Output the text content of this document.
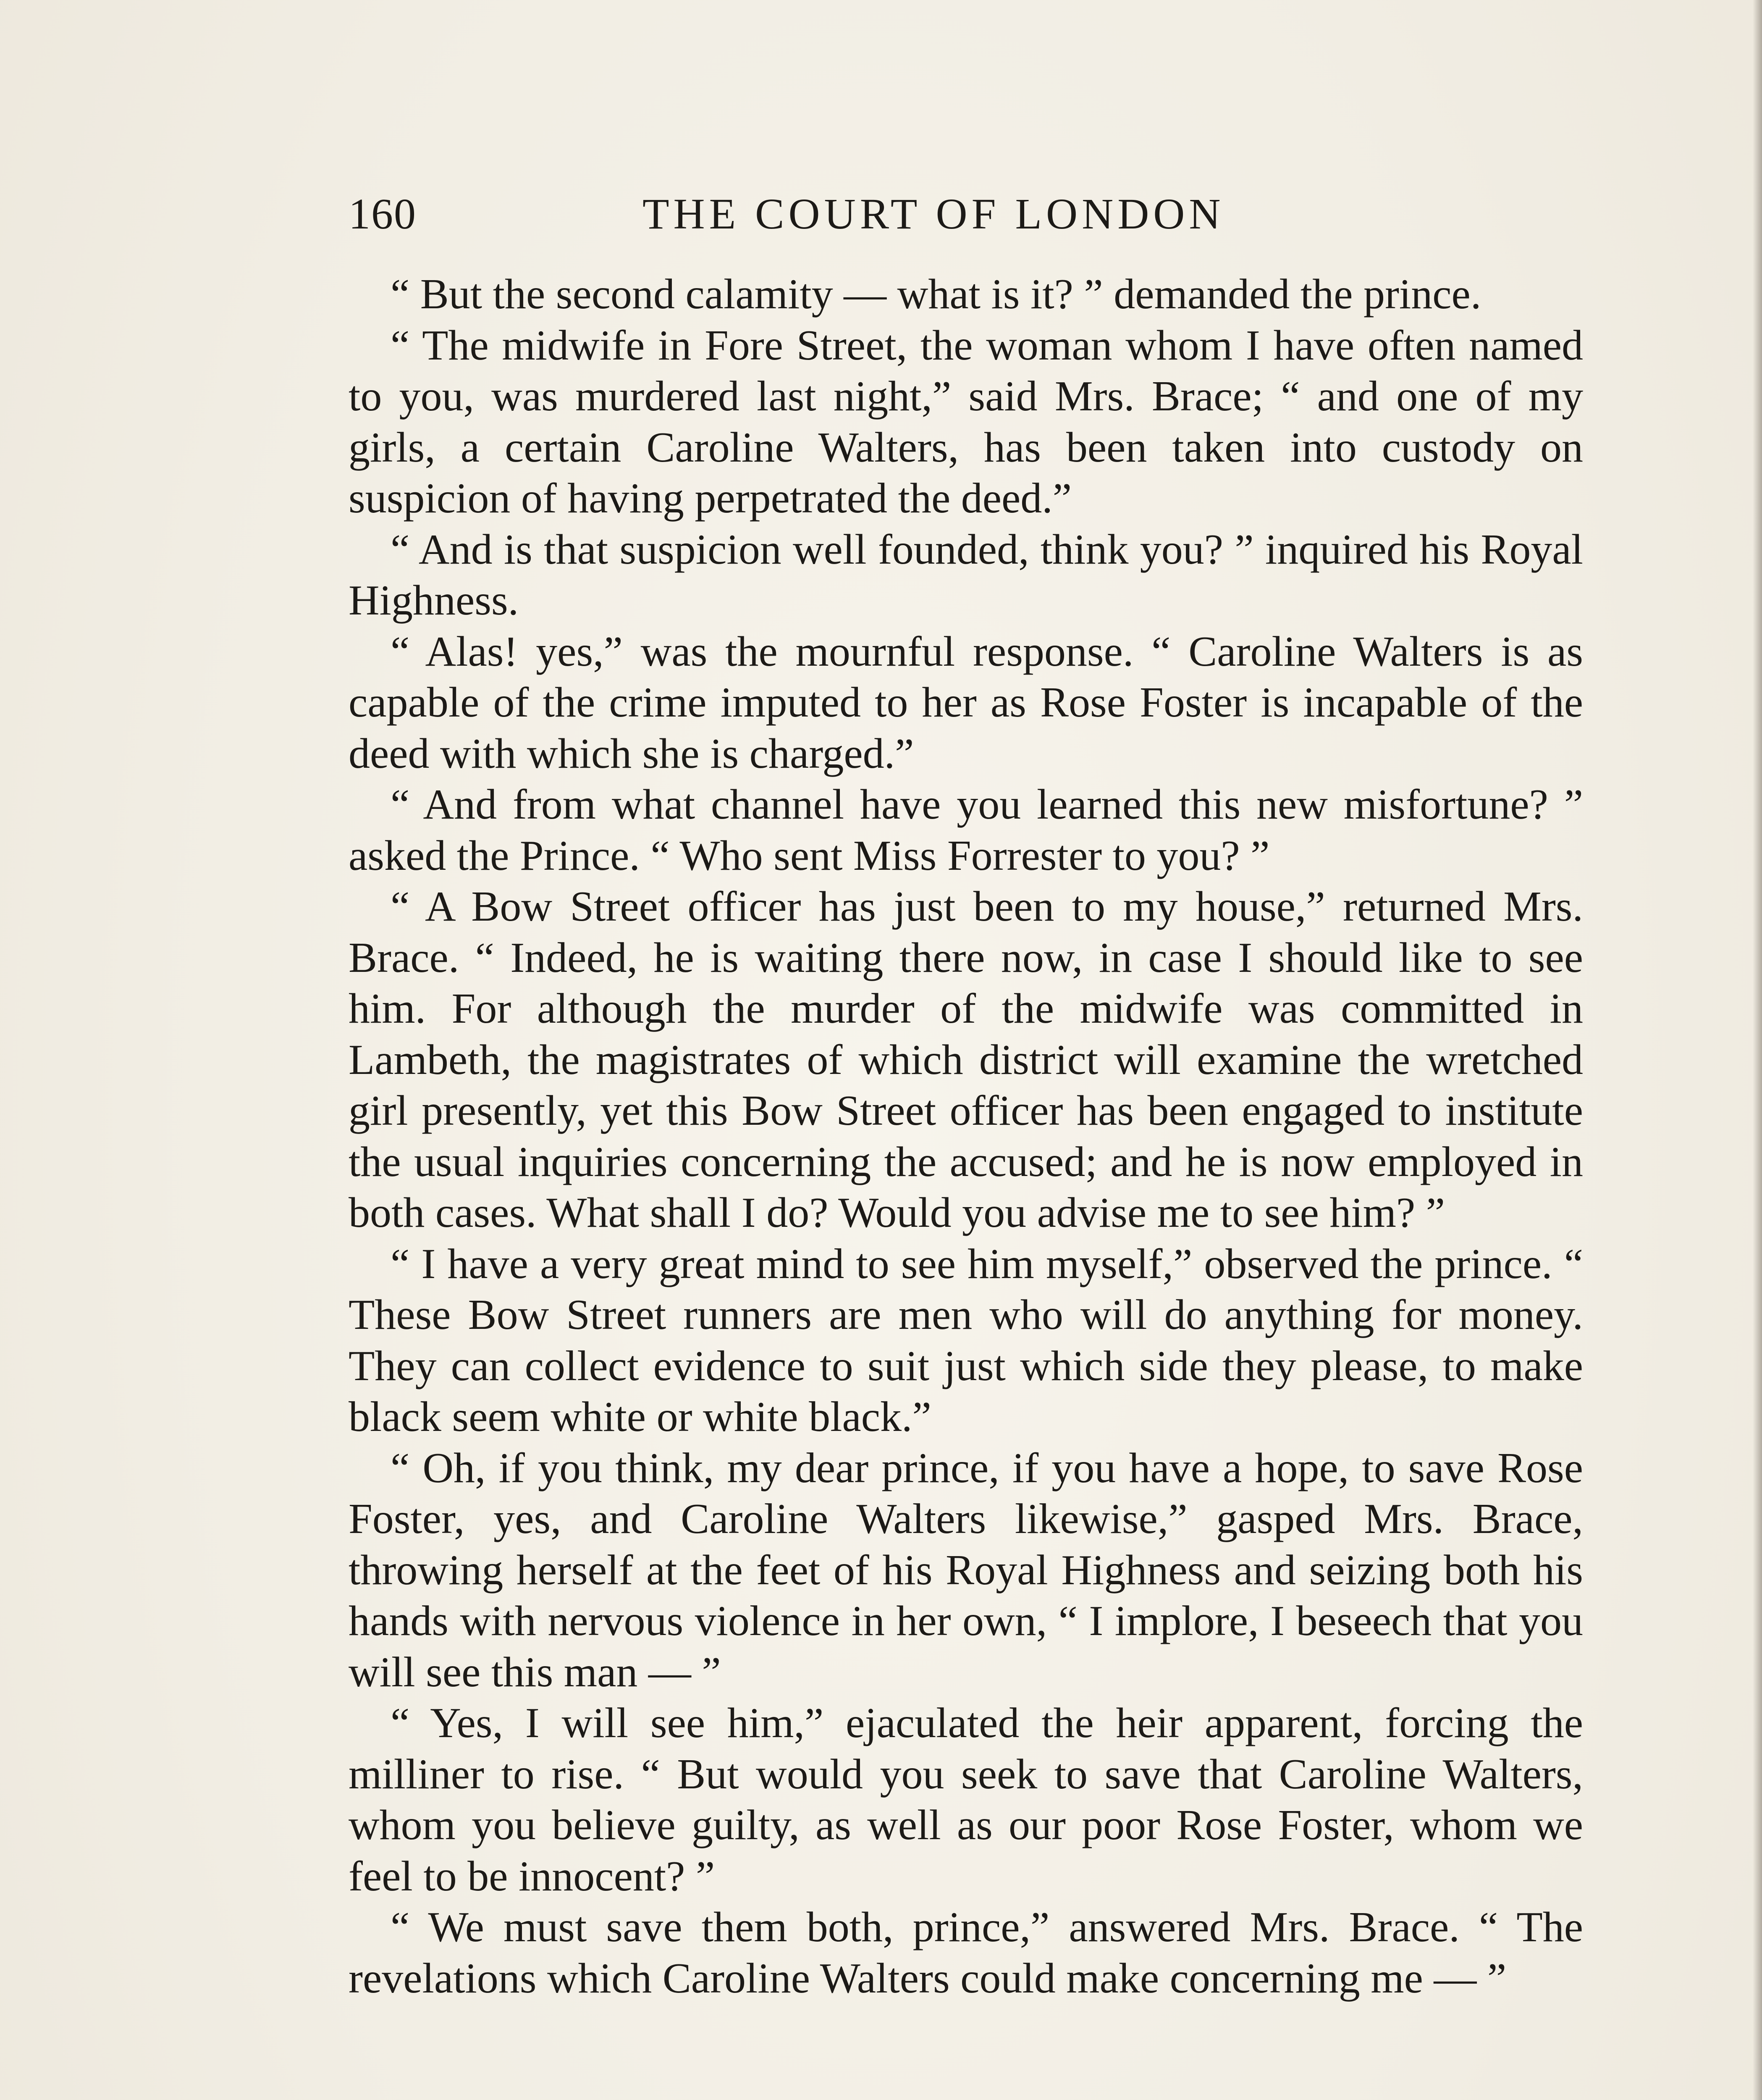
160	THE COURT OF LONDON

“ But the second calamity — what is it? ” demanded the prince.

“ The midwife in Fore Street, the woman whom I have often named to you, was murdered last night,” said Mrs. Brace; “ and one of my girls, a certain Caroline Walters, has been taken into custody on suspicion of having perpetrated the deed.”

“ And is that suspicion well founded, think you? ” inquired his Royal Highness.

“ Alas! yes,” was the mournful response. “ Caroline Walters is as capable of the crime imputed to her as Rose Foster is incapable of the deed with which she is charged.”

“ And from what channel have you learned this new misfortune? ” asked the Prince. “ Who sent Miss Forrester to you? ”

“ A Bow Street officer has just been to my house,” returned Mrs. Brace. “ Indeed, he is waiting there now, in case I should like to see him. For although the murder of the midwife was committed in Lambeth, the magistrates of which district will examine the wretched girl presently, yet this Bow Street officer has been engaged to institute the usual inquiries concerning the accused; and he is now employed in both cases. What shall I do? Would you advise me to see him? ”

“ I have a very great mind to see him myself,” observed the prince. “ These Bow Street runners are men who will do anything for money. They can collect evidence to suit just which side they please, to make black seem white or white black.”

“ Oh, if you think, my dear prince, if you have a hope, to save Rose Foster, yes, and Caroline Walters likewise,” gasped Mrs. Brace, throwing herself at the feet of his Royal Highness and seizing both his hands with nervous violence in her own, “ I implore, I beseech that you will see this man — ”

“ Yes, I will see him,” ejaculated the heir apparent, forcing the milliner to rise. “ But would you seek to save that Caroline Walters, whom you believe guilty, as well as our poor Rose Foster, whom we feel to be innocent? ”

“ We must save them both, prince,” answered Mrs. Brace. “ The revelations which Caroline Walters could make concerning me — ”
